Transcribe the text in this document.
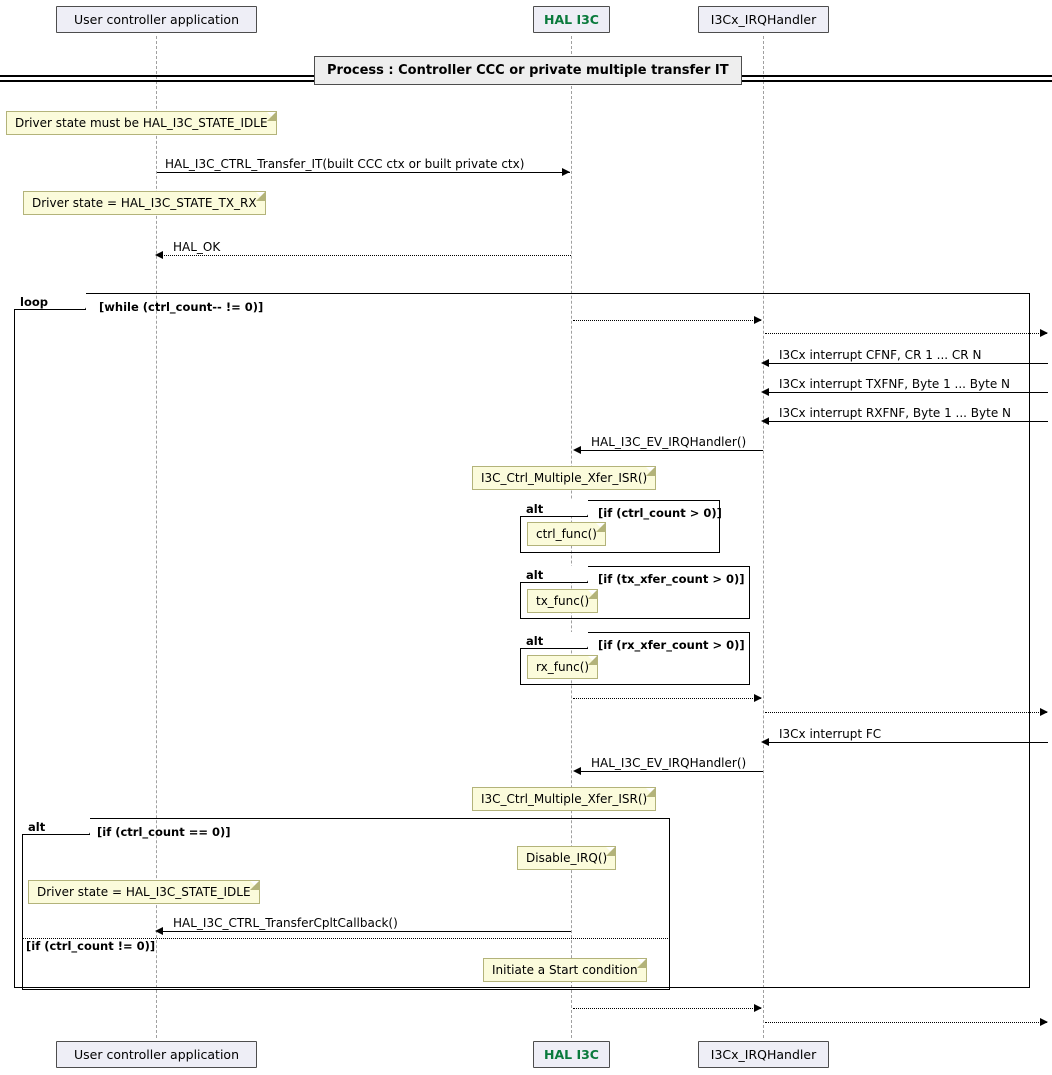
User controller application	HAL I3C	I3Cx_IRQHandler
User controller application	HAL I3C	I3Cx_IRQHandler
Process : Controller CCC or private multiple transfer IT
Driver state must be HAL_I3C_STATE_IDLE
HAL_I3C_CTRL_Transfer_IT(built CCC ctx or built private ctx)
Driver state = HAL_I3C_STATE_TX_RX
HAL_OK
loop	[while (ctrl_count-- != 0)]
I3Cx interrupt CFNF, CR 1 ... CR N
I3Cx interrupt TXFNF, Byte 1 ... Byte N
I3Cx interrupt RXFNF, Byte 1 ... Byte N
HAL_I3C_EV_IRQHandler()
I3C_Ctrl_Multiple_Xfer_ISR()
alt	[if (ctrl_count > 0)]
ctrl_func()
alt	[if (tx_xfer_count > 0)]
tx_func()
alt	[if (rx_xfer_count > 0)]
rx_func()
I3Cx interrupt FC
HAL_I3C_EV_IRQHandler()
I3C_Ctrl_Multiple_Xfer_ISR()
alt	[if (ctrl_count == 0)]
Disable_IRQ()
Driver state = HAL_I3C_STATE_IDLE
HAL_I3C_CTRL_TransferCpltCallback()
[if (ctrl_count != 0)]
Initiate a Start condition
